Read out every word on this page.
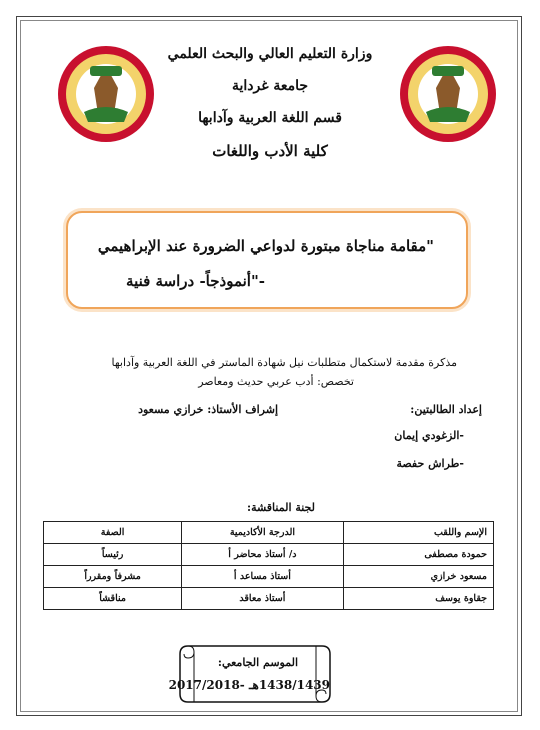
وزارة التعليم العالي والبحث العلمي
جامعة غرداية
قسم اللغة العربية وآدابها
كلية الأدب واللغات
"مقامة مناجاة مبتورة لدواعي الضرورة عند الإبراهيمي
-"أنموذجاً- دراسة فنية
مذكرة مقدمة لاستكمال متطلبات نيل شهادة الماستر في اللغة العربية وآدابها
تخصص: أدب عربي حديث ومعاصر
إعداد الطالبتين:
إشراف الأستاذ: خرازي مسعود
-الزغودي إيمان
-طراش حفصة
لجنة المناقشة:
الإسم واللقب	الدرجة الأكاديمية	الصفة
حمودة مصطفى	د/ أستاذ محاضر أ	رئيساً
مسعود خرازي	أستاذ مساعد أ	مشرفاً ومقرراً
جقاوة يوسف	أستاذ معاقد	مناقشاً
الموسم الجامعي:
1438/1439هـ -2017/2018
